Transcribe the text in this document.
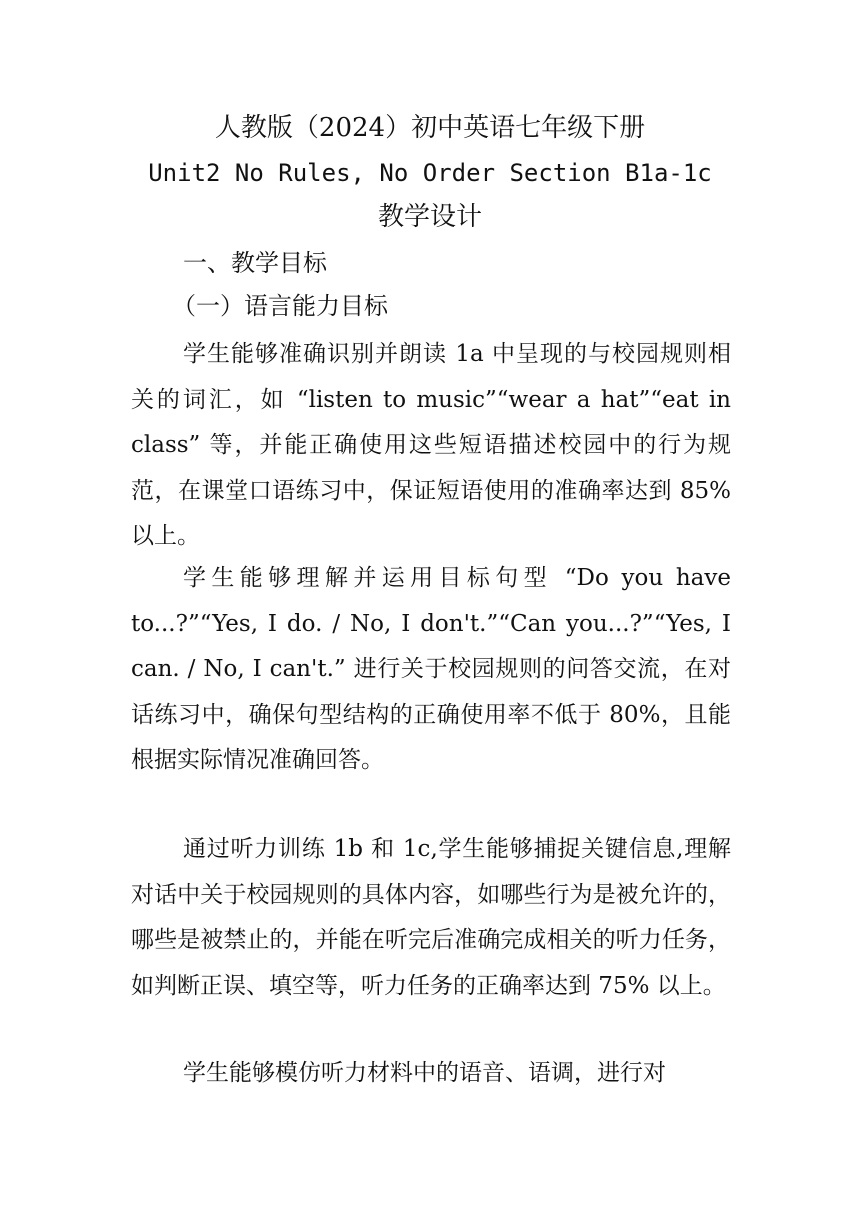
人教版（2024）初中英语七年级下册
Unit2 No Rules, No Order Section B1a-1c
教学设计
一、教学目标
（一）语言能力目标
学生能够准确识别并朗读 1a 中呈现的与校园规则相关的词汇，如 “listen to music”“wear a hat”“eat in class” 等，并能正确使用这些短语描述校园中的行为规范，在课堂口语练习中，保证短语使用的准确率达到 85% 以上。
学生能够理解并运用目标句型 “Do you have to...?”“Yes, I do. / No, I don't.”“Can you...?”“Yes, I can. / No, I can't.” 进行关于校园规则的问答交流，在对话练习中，确保句型结构的正确使用率不低于 80%，且能根据实际情况准确回答。
通过听力训练 1b 和 1c,学生能够捕捉关键信息,理解对话中关于校园规则的具体内容，如哪些行为是被允许的，哪些是被禁止的，并能在听完后准确完成相关的听力任务，如判断正误、填空等，听力任务的正确率达到 75% 以上。
学生能够模仿听力材料中的语音、语调，进行对
